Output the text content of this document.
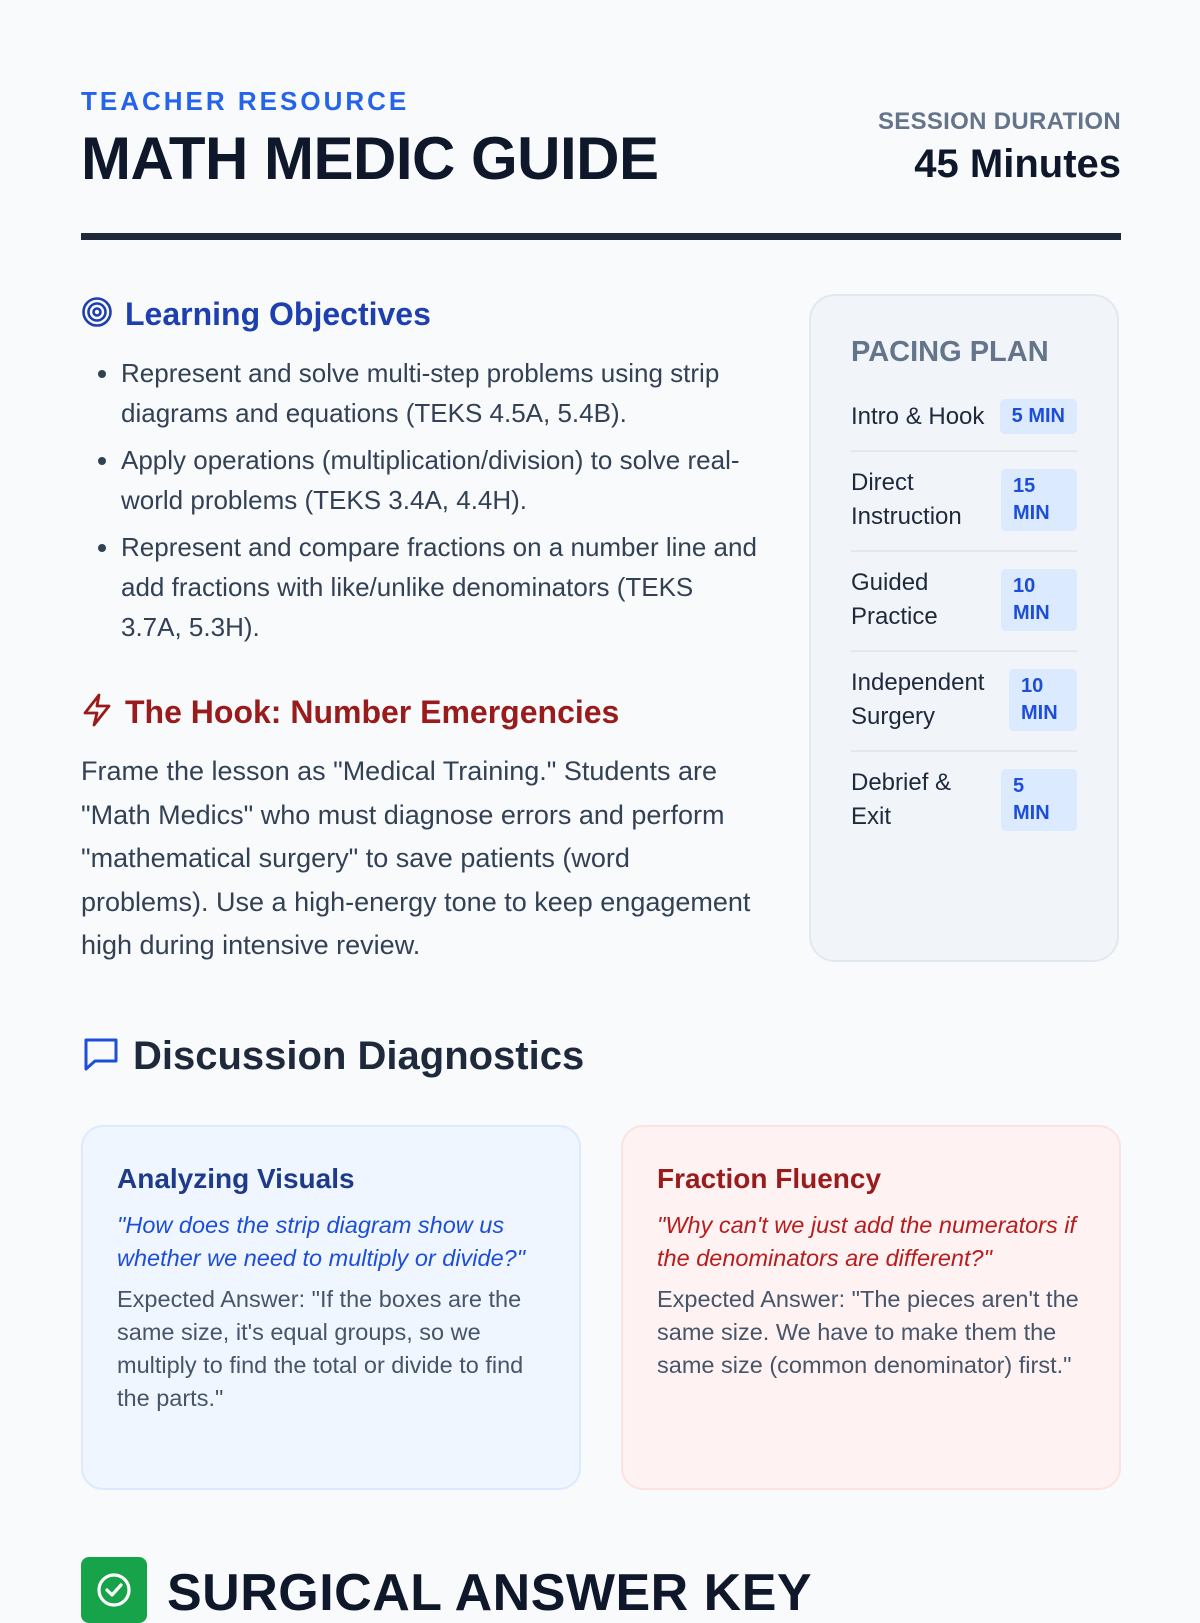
TEACHER RESOURCE
MATH MEDIC GUIDE
SESSION DURATION
45 Minutes
Learning Objectives
• Represent and solve multi-step problems using strip diagrams and equations (TEKS 4.5A, 5.4B).
• Apply operations (multiplication/division) to solve real-world problems (TEKS 3.4A, 4.4H).
• Represent and compare fractions on a number line and add fractions with like/unlike denominators (TEKS 3.7A, 5.3H).
The Hook: Number Emergencies

Frame the lesson as "Medical Training." Students are "Math Medics" who must diagnose errors and perform "mathematical surgery" to save patients (word problems). Use a high-energy tone to keep engagement high during intensive review.

PACING PLAN
Intro & Hook	5 MIN
Direct Instruction
15 MIN
Guided Practice
10 MIN
Independent Surgery
10 MIN
Debrief & Exit
5 MIN
Discussion Diagnostics
Analyzing Visuals

"How does the strip diagram show us whether we need to multiply or divide?"

Expected Answer: "If the boxes are the same size, it's equal groups, so we multiply to find the total or divide to find the parts."

Fraction Fluency

"Why can't we just add the numerators if the denominators are different?"

Expected Answer: "The pieces aren't the same size. We have to make them the same size (common denominator) first."

SURGICAL ANSWER KEY
